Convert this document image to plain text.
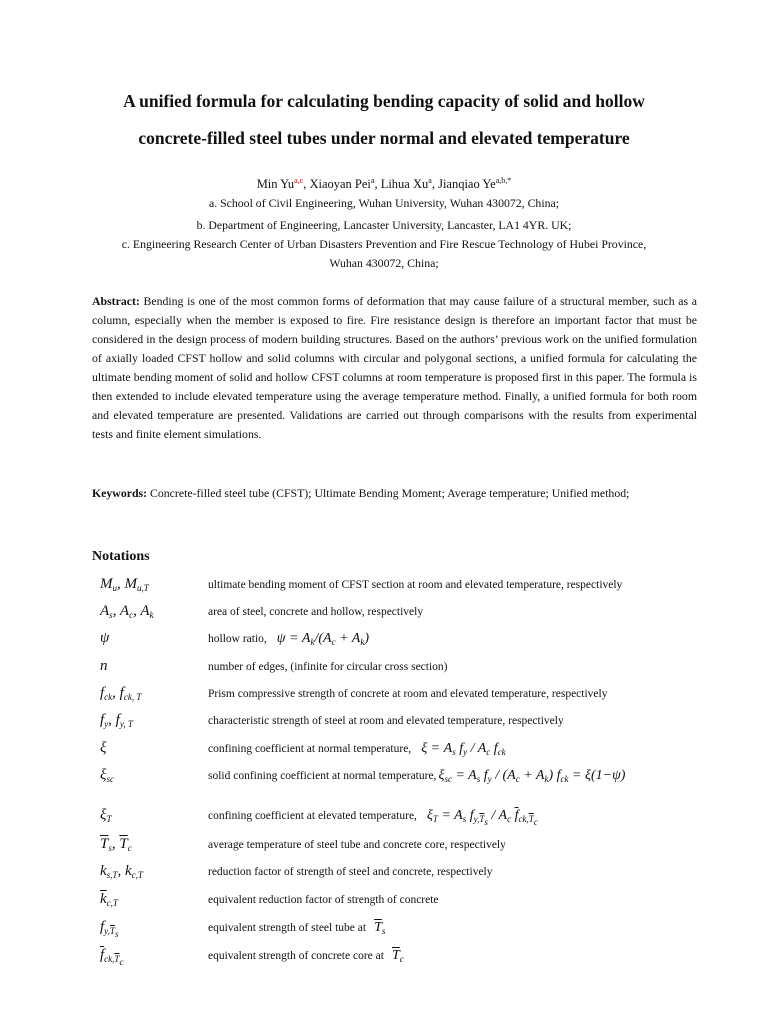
A unified formula for calculating bending capacity of solid and hollow
concrete-filled steel tubes under normal and elevated temperature
Min Yu$^{a,c}$, Xiaoyan Pei$^a$, Lihua Xu$^a$, Jianqiao $Ye^{a,b,*}$
a. School of Civil Engineering, Wuhan University, Wuhan 430072, China;
b. Department of Engineering, Lancaster University, Lancaster, LA1 4YR. UK;
c. Engineering Research Center of Urban Disasters Prevention and Fire Rescue Technology of Hubei Province,
Wuhan 430072, China;
Abstract: Bending is one of the most common forms of deformation that may cause failure of a structural member, such as a column, especially when the member is exposed to fire. Fire resistance design is therefore an important factor that must be considered in the design process of modern building structures. Based on the authors’ previous work on the unified formulation of axially loaded CFST hollow and solid columns with circular and polygonal sections, a unified formula for calculating the ultimate bending moment of solid and hollow CFST columns at room temperature is proposed first in this paper. The formula is then extended to include elevated temperature using the average temperature method. Finally, a unified formula for both room and elevated temperature are presented. Validations are carried out through comparisons with the results from experimental tests and finite element simulations.
Keywords: Concrete-filled steel tube (CFST); Ultimate Bending Moment; Average temperature; Unified method;
Notations
$M_u$, $M_{u,T}$	ultimate bending moment of CFST section at room and elevated temperature, respectively
$A_s$, $A_c$, $A_k$	area of steel, concrete and hollow, respectively
ψ	hollow ratio, $\psi = A_k/(A_c + A_k)$
n	number of edges, (infinite for circular cross section)
$f_{ck}$, $f_{ck, T}$	Prism compressive strength of concrete at room and elevated temperature, respectively
$f_y$, $f_{y, T}$	characteristic strength of steel at room and elevated temperature, respectively
ξ	confining coefficient at normal temperature, $\xi = A_s$ $f_y / A_c$ $f_{ck}$
$\xi_{sc}$	solid confining coefficient at normal temperature, $\xi_{sc} = A_s$ $f_y / (A_c + A_k) f_{ck} = \xi(1-\psi)$
$\xi_T$	confining coefficient at elevated temperature, $\xi_T = A_s$ $f_{y,\overline{T}_s} / A_c$ $\overline{f}_{ck,\overline{T}_c}$
$\overline{T}_s$, $\overline{T}_c$	average temperature of steel tube and concrete core, respectively
$k_{s,T}$, $k_{c,T}$	reduction factor of strength of steel and concrete, respectively
$\overline{k}_{c,T}$	equivalent reduction factor of strength of concrete
$f_{y,\overline{T}_s}$	equivalent strength of steel tube at $\overline{T}_s$
$\overline{f}_{ck,\overline{T}_c}$	equivalent strength of concrete core at $\overline{T}_c$
